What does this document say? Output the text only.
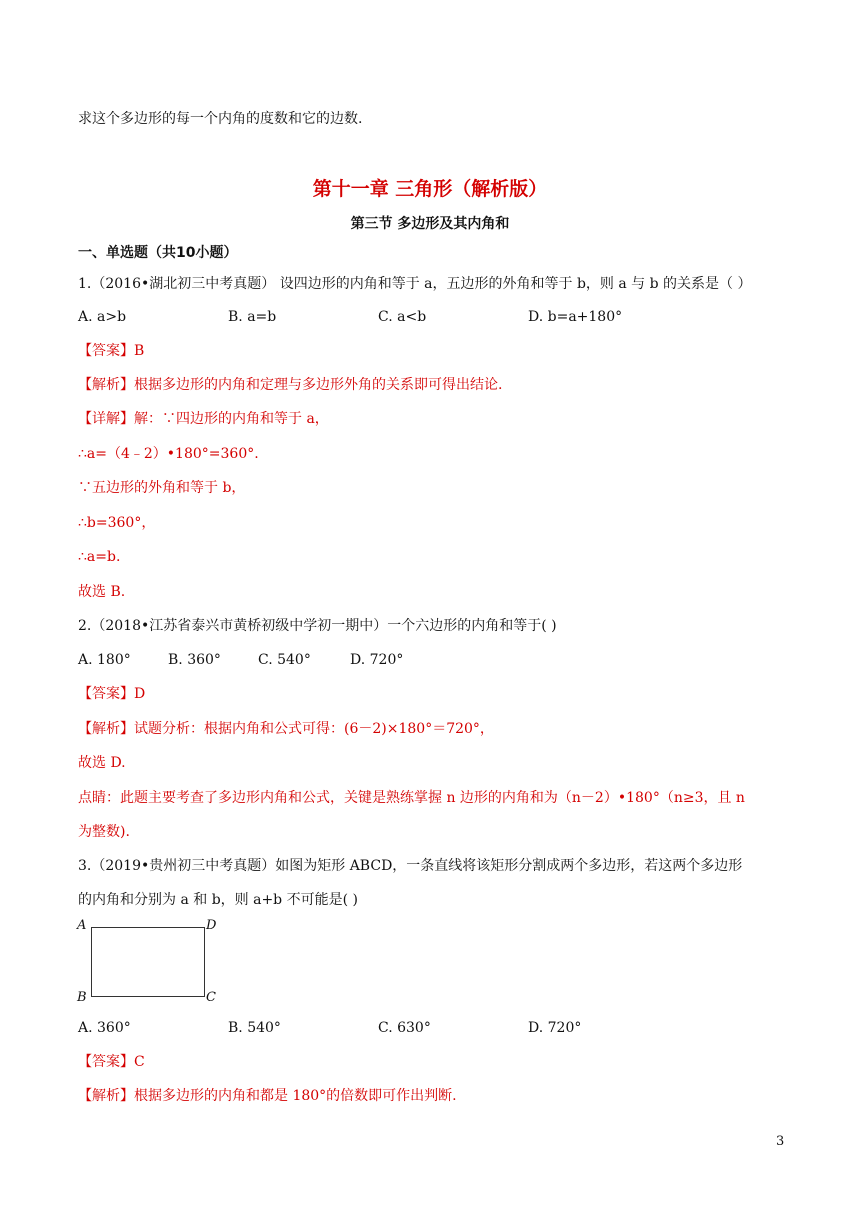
求这个多边形的每一个内角的度数和它的边数.
第十一章 三角形（解析版）
第三节 多边形及其内角和
一、单选题（共10小题）
1.（2016•湖北初三中考真题） 设四边形的内角和等于 a，五边形的外角和等于 b，则 a 与 b 的关系是（ ）
A. a>b	B. a=b	C. a<b	D. b=a+180°
【答案】B
【解析】根据多边形的内角和定理与多边形外角的关系即可得出结论.
【详解】解：∵四边形的内角和等于 a，
∴a=（4﹣2）•180°=360°.
∵五边形的外角和等于 b，
∴b=360°，
∴a=b.
故选 B.
2.（2018•江苏省泰兴市黄桥初级中学初一期中）一个六边形的内角和等于( )
A. 180°	B. 360°	C. 540°	D. 720°
【答案】D
【解析】试题分析：根据内角和公式可得：(6－2)×180°＝720°，
故选 D.
点睛：此题主要考查了多边形内角和公式，关键是熟练掌握 n 边形的内角和为（n－2）•180°（n≥3，且 n
为整数).
3.（2019•贵州初三中考真题）如图为矩形 ABCD，一条直线将该矩形分割成两个多边形，若这两个多边形
的内角和分别为 a 和 b，则 a+b 不可能是( )
A	D
B	C
A. 360°	B. 540°	C. 630°	D. 720°
【答案】C
【解析】根据多边形的内角和都是 180°的倍数即可作出判断.
3
